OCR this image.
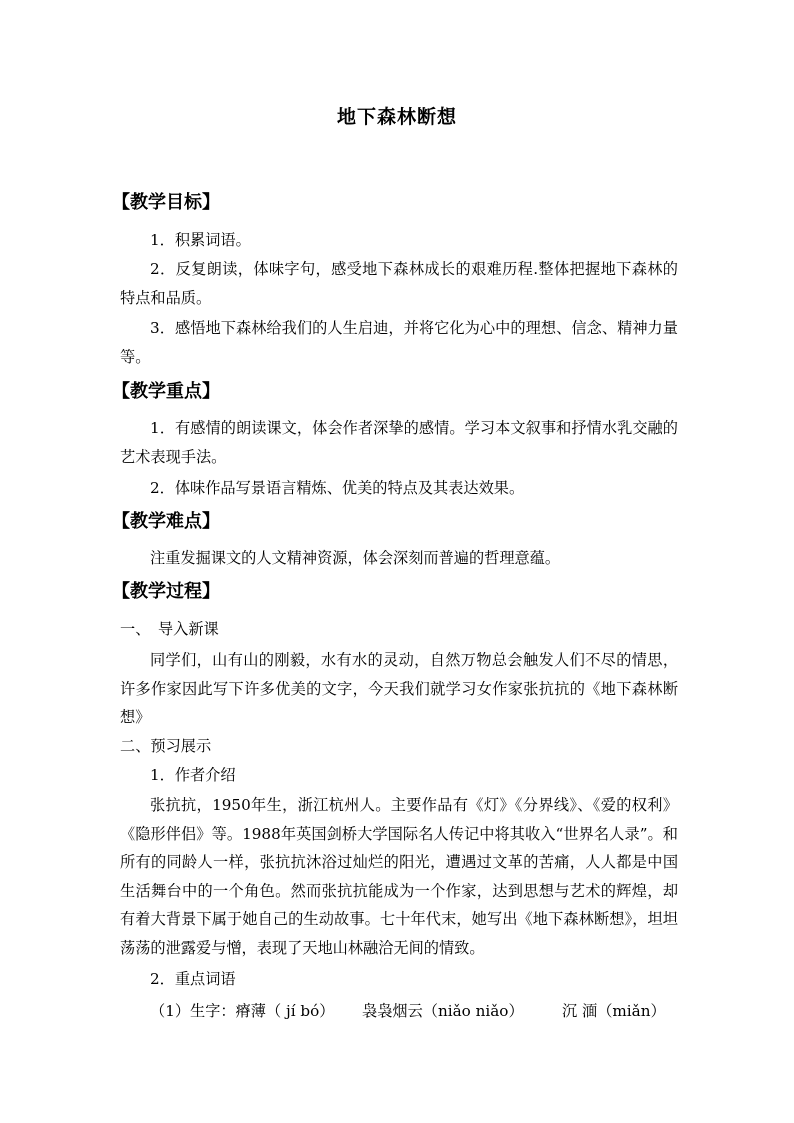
地下森林断想
【教学目标】

1．积累词语。

2．反复朗读，体味字句，感受地下森林成长的艰难历程.整体把握地下森林的特点和品质。

3．感悟地下森林给我们的人生启迪，并将它化为心中的理想、信念、精神力量等。

【教学重点】

1．有感情的朗读课文，体会作者深挚的感情。学习本文叙事和抒情水乳交融的艺术表现手法。

2．体味作品写景语言精炼、优美的特点及其表达效果。

【教学难点】

注重发掘课文的人文精神资源，体会深刻而普遍的哲理意蕴。

【教学过程】
一、　导入新课

同学们，山有山的刚毅，水有水的灵动，自然万物总会触发人们不尽的情思，许多作家因此写下许多优美的文字，今天我们就学习女作家张抗抗的《地下森林断想》

二、预习展示
1．作者介绍

张抗抗，1950年生，浙江杭州人。主要作品有《灯》《分界线》、《爱的权利》《隐形伴侣》等。1988年英国剑桥大学国际名人传记中将其收入“世界名人录”。和所有的同龄人一样，张抗抗沐浴过灿烂的阳光，遭遇过文革的苦痛，人人都是中国生活舞台中的一个角色。然而张抗抗能成为一个作家，达到思想与艺术的辉煌，却有着大背景下属于她自己的生动故事。七十年代末，她写出《地下森林断想》，坦坦荡荡的泄露爱与憎，表现了天地山林融洽无间的情致。

2．重点词语
（1）生字：瘠薄（ jí bó） 袅袅烟云（niǎo niǎo）	沉 湎（miǎn）
